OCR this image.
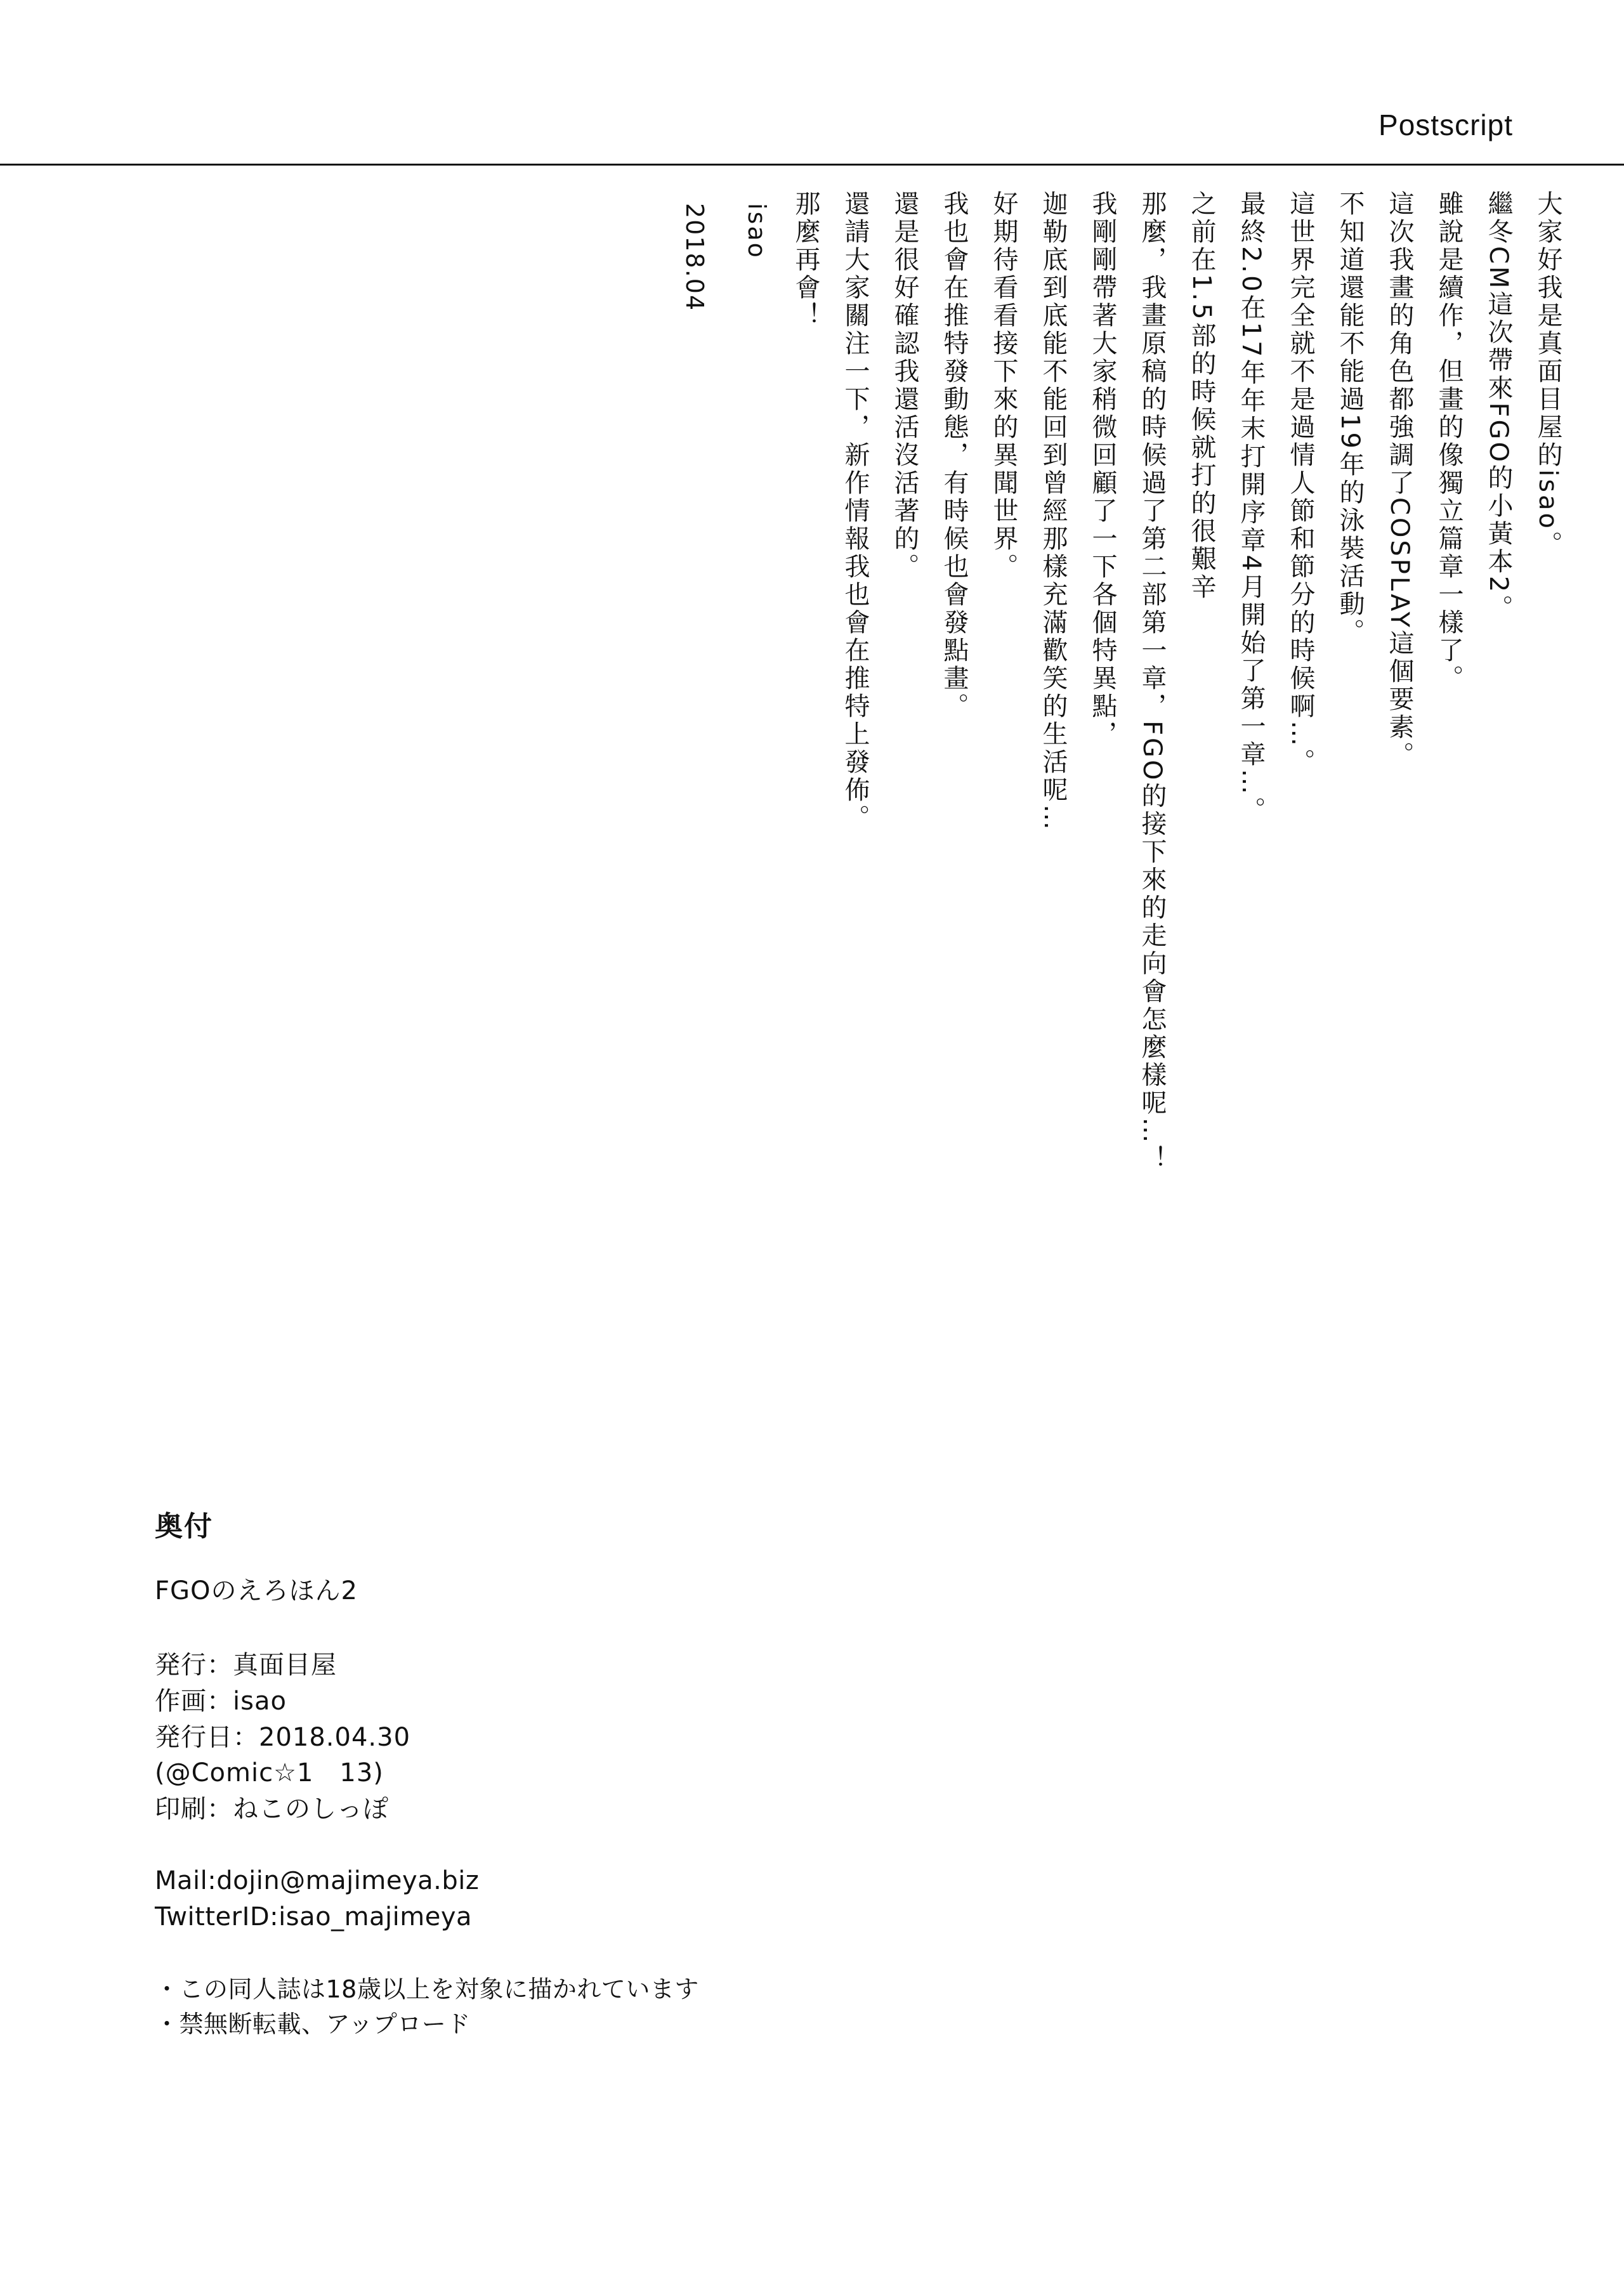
Postscript
大家好我是真面目屋的isao。
繼冬CM這次帶來FGO的小黃本2。
雖說是續作，但畫的像獨立篇章一樣了。
這次我畫的角色都強調了COSPLAY這個要素。
不知道還能不能過19年的泳裝活動。
這世界完全就不是過情人節和節分的時候啊…。
最終2.0在17年年末打開序章4月開始了第一章…。
之前在1.5部的時候就打的很艱辛
那麼，我畫原稿的時候過了第二部第一章，FGO的接下來的走向會怎麼樣呢…！
我剛剛帶著大家稍微回顧了一下各個特異點，
迦勒底到底能不能回到曾經那樣充滿歡笑的生活呢…
好期待看看接下來的異聞世界。
我也會在推特發動態，有時候也會發點畫。
還是很好確認我還活沒活著的。
還請大家關注一下，新作情報我也會在推特上發佈。
那麼再會！
isao
2018.04
奥付
FGOのえろほん2
発行：真面目屋
作画：isao
発行日：2018.04.30
(@Comic☆1　13)
印刷：ねこのしっぽ
Mail:dojin@majimeya.biz
TwitterID:isao_majimeya
・この同人誌は18歳以上を対象に描かれています
・禁無断転載、アップロード
